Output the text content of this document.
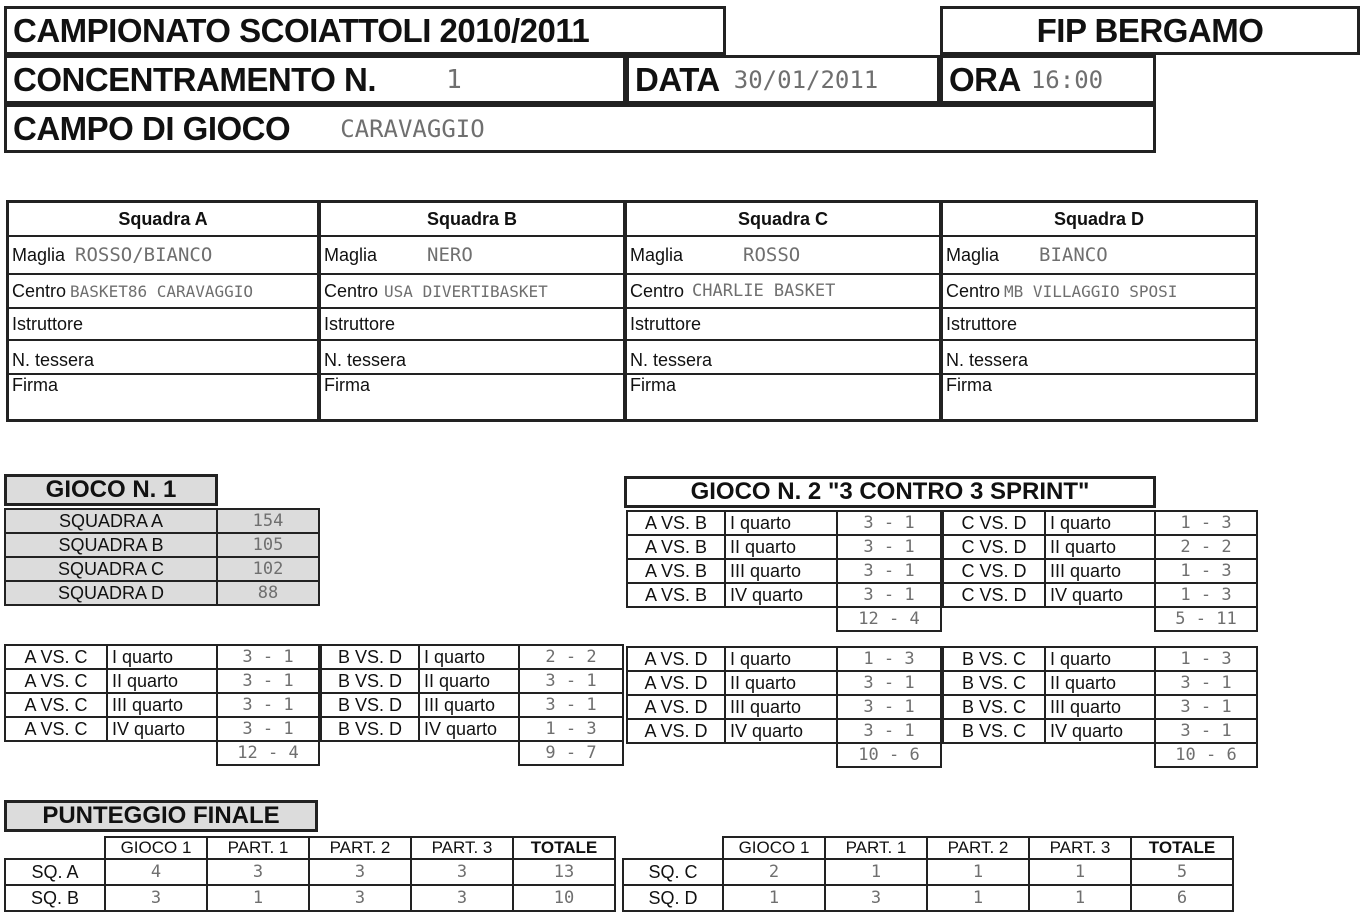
CAMPIONATO SCOIATTOLI 2010/2011	FIP BERGAMO
CONCENTRAMENTO N.	1	DATA 30/01/2011 ORA 16:00
CAMPO DI GIOCO CARAVAGGIO
Squadra A
Maglia ROSSO/BIANCO
Centro BASKET86 CARAVAGGIO
Istruttore
N. tessera
Firma
Squadra B
Maglia	NERO
Centro USA DIVERTIBASKET
Istruttore
N. tessera
Firma
Squadra C
Maglia	ROSSO
Centro CHARLIE BASKET
Istruttore
N. tessera
Firma
Squadra D
Maglia BIANCO
Centro MB VILLAGGIO SPOSI
Istruttore
N. tessera
Firma
GIOCO N. 1
SQUADRA A	154
SQUADRA B	105
SQUADRA C	102
SQUADRA D	88
GIOCO N. 2 "3 CONTRO 3 SPRINT"
A VS. B	I quarto	3 - 1
A VS. B	II quarto	3 - 1
A VS. B	III quarto	3 - 1
A VS. B	IV quarto	3 - 1
		12 - 4
C VS. D	I quarto	1 - 3
C VS. D	II quarto	2 - 2
C VS. D	III quarto	1 - 3
C VS. D	IV quarto	1 - 3
		5 - 11
A VS. C	I quarto	3 - 1
A VS. C	II quarto	3 - 1
A VS. C	III quarto	3 - 1
A VS. C	IV quarto	3 - 1
		12 - 4
B VS. D	I quarto	2 - 2
B VS. D	II quarto	3 - 1
B VS. D	III quarto	3 - 1
B VS. D	IV quarto	1 - 3
		9 - 7
A VS. D	I quarto	1 - 3
A VS. D	II quarto	3 - 1
A VS. D	III quarto	3 - 1
A VS. D	IV quarto	3 - 1
		10 - 6
B VS. C	I quarto	1 - 3
B VS. C	II quarto	3 - 1
B VS. C	III quarto	3 - 1
B VS. C	IV quarto	3 - 1
		10 - 6
PUNTEGGIO FINALE
	GIOCO 1	PART. 1	PART. 2	PART. 3	TOTALE
SQ. A	4	3	3	3	13
SQ. B	3	1	3	3	10
	GIOCO 1	PART. 1	PART. 2	PART. 3	TOTALE
SQ. C	2	1	1	1	5
SQ. D	1	3	1	1	6
